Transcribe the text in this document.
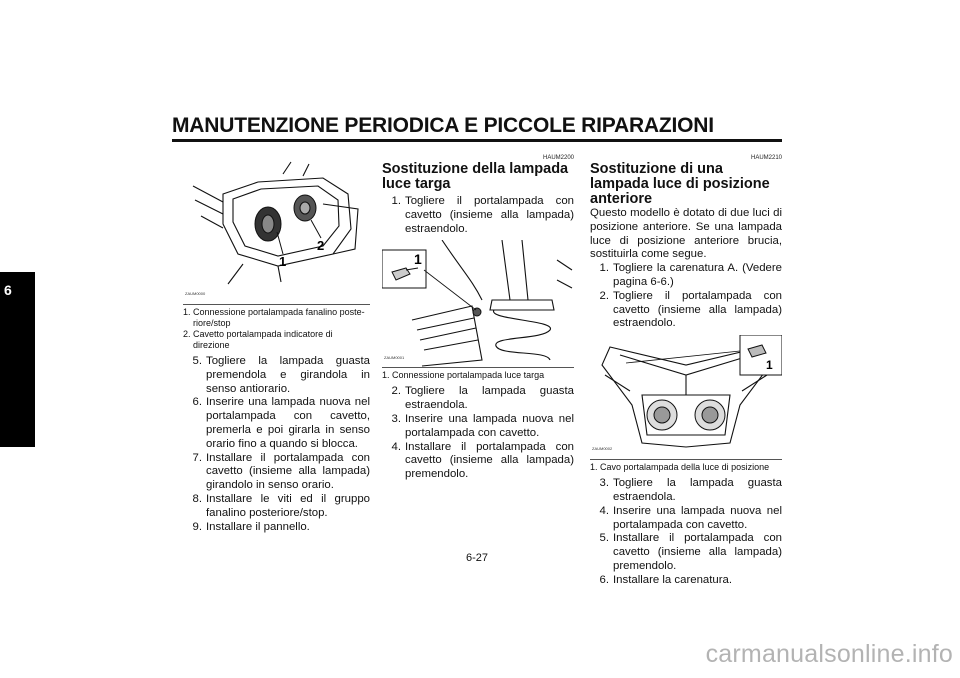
MANUTENZIONE PERIODICA E PICCOLE RIPARAZIONI
6
1
2
ZAUM0000
1. Connessione portalampada fanalino poste-riore/stop
2. Cavetto portalampada indicatore di direzione
5. Togliere la lampada guasta premendola e girandola in senso antiorario.
6. Inserire una lampada nuova nel portalampada con cavetto, premerla e poi girarla in senso orario fino a quando si blocca.
7. Installare il portalampada con cavetto (insieme alla lampada) girandolo in senso orario.
8. Installare le viti ed il gruppo fanalino posteriore/stop.
9. Installare il pannello.
HAUM2200
Sostituzione della lampada luce targa
1. Togliere il portalampada con cavetto (insieme alla lampada) estraendolo.
1
ZAUM0001
1. Connessione portalampada luce targa
2. Togliere la lampada guasta estraendola.
3. Inserire una lampada nuova nel portalampada con cavetto.
4. Installare il portalampada con cavetto (insieme alla lampada) premendolo.
HAUM2210
Sostituzione di una lampada luce di posizione anteriore
Questo modello è dotato di due luci di posizione anteriore. Se una lampada luce di posizione anteriore brucia, sostituirla come segue.
1. Togliere la carenatura A. (Vedere pagina 6-6.)
2. Togliere il portalampada con cavetto (insieme alla lampada) estraendolo.
1
ZAUM0002
1. Cavo portalampada della luce di posizione
3. Togliere la lampada guasta estraendola.
4. Inserire una lampada nuova nel portalampada con cavetto.
5. Installare il portalampada con cavetto (insieme alla lampada) premendolo.
6. Installare la carenatura.
6-27
carmanualsonline.info
